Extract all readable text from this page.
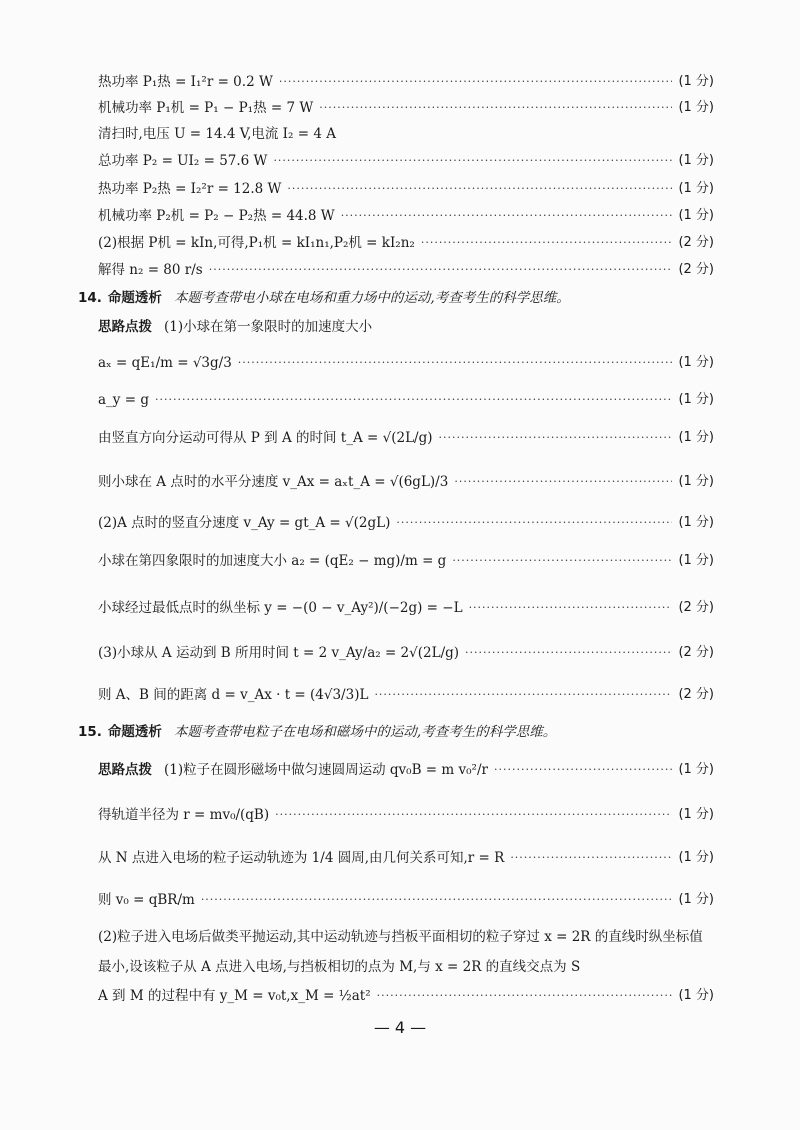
热功率 P₁热 = I₁²r = 0.2 W ·····	(1 分)
机械功率 P₁机 = P₁ − P₁热 = 7 W ·····	(1 分)
清扫时,电压 U = 14.4 V,电流 I₂ = 4 A
总功率 P₂ = UI₂ = 57.6 W ·····	(1 分)
热功率 P₂热 = I₂²r = 12.8 W ·····	(1 分)
机械功率 P₂机 = P₂ − P₂热 = 44.8 W ·····	(1 分)
(2)根据 P机 = kIn,可得,P₁机 = kI₁n₁,P₂机 = kI₂n₂ ·····	(2 分)
解得 n₂ = 80 r/s ·····	(2 分)
14. 命题透析 本题考查带电小球在电场和重力场中的运动,考查考生的科学思维。
思路点拨 (1)小球在第一象限时的加速度大小
aₓ = qE₁/m = √3g/3 ·····	(1 分)
a_y = g ·····	(1 分)
由竖直方向分运动可得从 P 到 A 的时间 t_A = √(2L/g) ·····	(1 分)
则小球在 A 点时的水平分速度 v_Ax = aₓt_A = √(6gL)/3 ·····	(1 分)
(2)A 点时的竖直分速度 v_Ay = gt_A = √(2gL) ·····	(1 分)
小球在第四象限时的加速度大小 a₂ = (qE₂ − mg)/m = g ·····	(1 分)
小球经过最低点时的纵坐标 y = −(0 − v_Ay²)/(−2g) = −L ·····	(2 分)
(3)小球从 A 运动到 B 所用时间 t = 2 v_Ay/a₂ = 2√(2L/g) ·····	(2 分)
则 A、B 间的距离 d = v_Ax · t = (4√3/3)L ·····	(2 分)
15. 命题透析 本题考查带电粒子在电场和磁场中的运动,考查考生的科学思维。
思路点拨 (1)粒子在圆形磁场中做匀速圆周运动 qv₀B = m v₀²/r ·····	(1 分)
得轨道半径为 r = mv₀/(qB) ·····	(1 分)
从 N 点进入电场的粒子运动轨迹为 1/4 圆周,由几何关系可知,r = R ·····	(1 分)
则 v₀ = qBR/m ·····	(1 分)
(2)粒子进入电场后做类平抛运动,其中运动轨迹与挡板平面相切的粒子穿过 x = 2R 的直线时纵坐标值最小,设该粒子从 A 点进入电场,与挡板相切的点为 M,与 x = 2R 的直线交点为 S
A 到 M 的过程中有 y_M = v₀t,x_M = ½at² ·····	(1 分)
— 4 —
